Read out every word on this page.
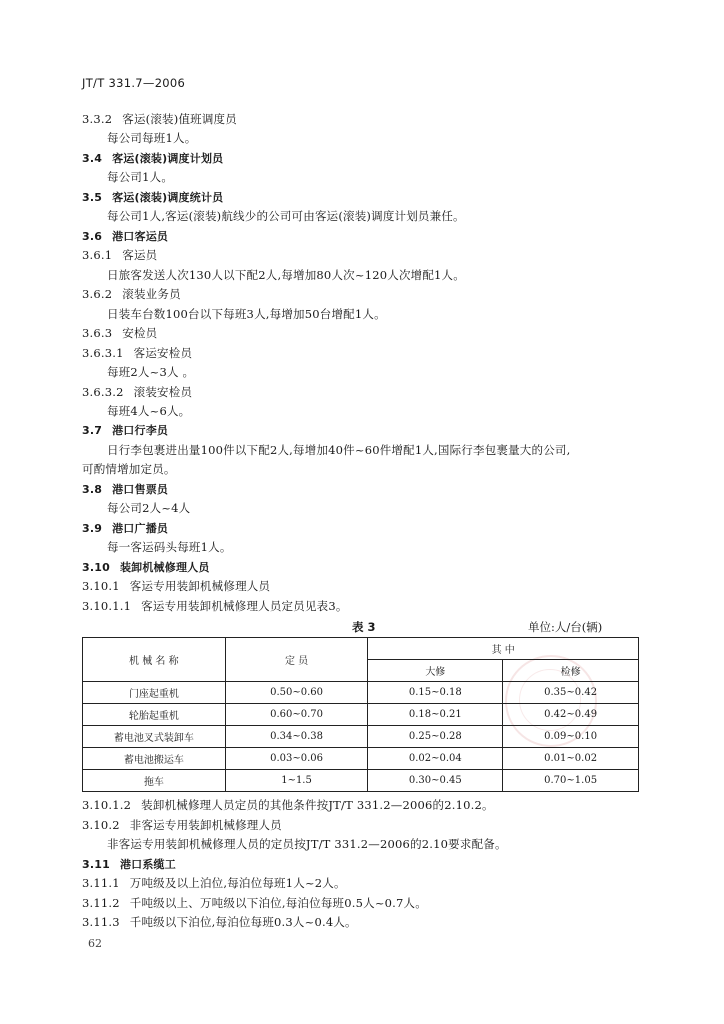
JT/T 331.7—2006
3.3.2 客运(滚装)值班调度员
每公司每班1人。
3.4 客运(滚装)调度计划员
每公司1人。
3.5 客运(滚装)调度统计员
每公司1人,客运(滚装)航线少的公司可由客运(滚装)调度计划员兼任。
3.6 港口客运员
3.6.1 客运员
日旅客发送人次130人以下配2人,每增加80人次~120人次增配1人。
3.6.2 滚装业务员
日装车台数100台以下每班3人,每增加50台增配1人。
3.6.3 安检员
3.6.3.1 客运安检员
每班2人~3人 。
3.6.3.2 滚装安检员
每班4人~6人。
3.7 港口行李员
日行李包裹进出量100件以下配2人,每增加40件~60件增配1人,国际行李包裹量大的公司,
可酌情增加定员。
3.8 港口售票员
每公司2人~4人
3.9 港口广播员
每一客运码头每班1人。
3.10 装卸机械修理人员
3.10.1 客运专用装卸机械修理人员
3.10.1.1 客运专用装卸机械修理人员定员见表3。
表 3	单位:人/台(辆)
机 械 名 称	定 员	其 中	
		大修	检修
门座起重机	0.50~0.60	0.15~0.18	0.35~0.42
轮胎起重机	0.60~0.70	0.18~0.21	0.42~0.49
蓄电池叉式装卸车	0.34~0.38	0.25~0.28	0.09~0.10
蓄电池搬运车	0.03~0.06	0.02~0.04	0.01~0.02
拖车	1~1.5	0.30~0.45	0.70~1.05
3.10.1.2 装卸机械修理人员定员的其他条件按JT/T 331.2—2006的2.10.2。
3.10.2 非客运专用装卸机械修理人员
非客运专用装卸机械修理人员的定员按JT/T 331.2—2006的2.10要求配备。
3.11 港口系缆工
3.11.1 万吨级及以上泊位,每泊位每班1人~2人。
3.11.2 千吨级以上、万吨级以下泊位,每泊位每班0.5人~0.7人。
3.11.3 千吨级以下泊位,每泊位每班0.3人~0.4人。
62
